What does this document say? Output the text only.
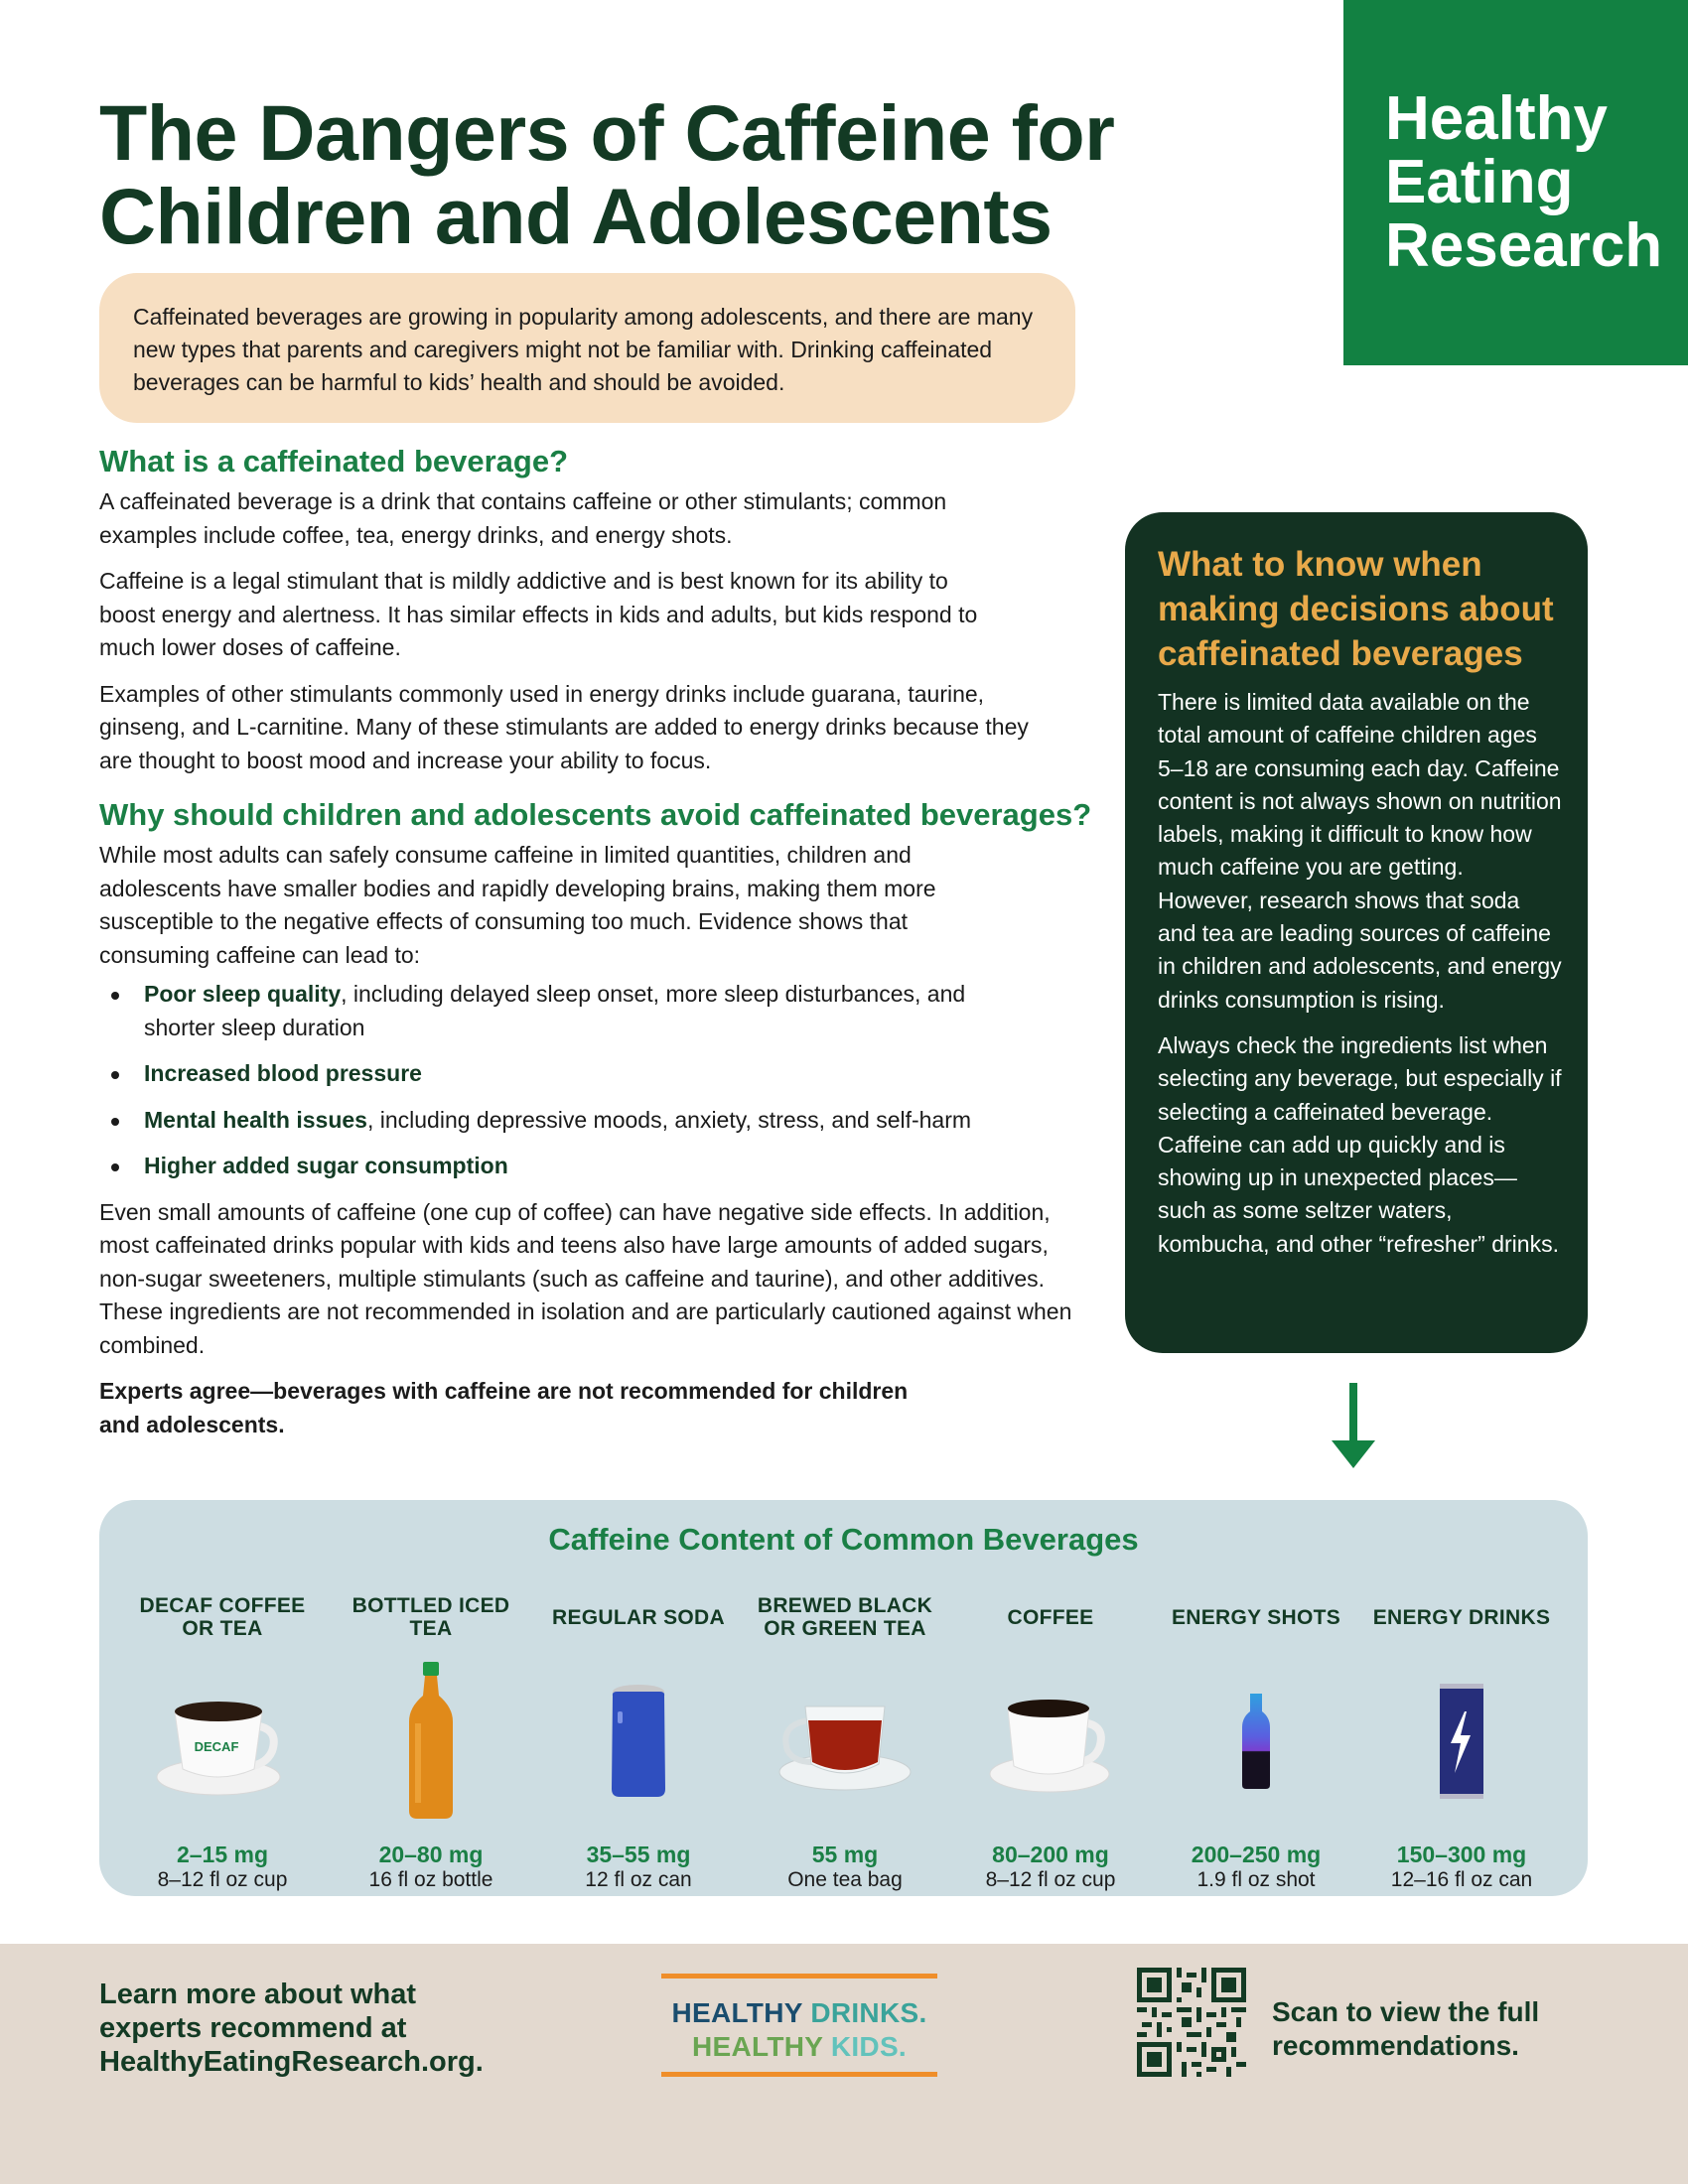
The Dangers of Caffeine for
Children and Adolescents
Healthy
Eating
Research
Caffeinated beverages are growing in popularity among adolescents, and there are many new types that parents and caregivers might not be familiar with. Drinking caffeinated beverages can be harmful to kids’ health and should be avoided.
What is a caffeinated beverage?

A caffeinated beverage is a drink that contains caffeine or other stimulants; common examples include coffee, tea, energy drinks, and energy shots.

Caffeine is a legal stimulant that is mildly addictive and is best known for its ability to boost energy and alertness. It has similar effects in kids and adults, but kids respond to much lower doses of caffeine.

Examples of other stimulants commonly used in energy drinks include guarana, taurine, ginseng, and L-carnitine. Many of these stimulants are added to energy drinks because they are thought to boost mood and increase your ability to focus.

Why should children and adolescents avoid caffeinated beverages?

While most adults can safely consume caffeine in limited quantities, children and adolescents have smaller bodies and rapidly developing brains, making them more susceptible to the negative effects of consuming too much. Evidence shows that consuming caffeine can lead to:

Poor sleep quality, including delayed sleep onset, more sleep disturbances, and shorter sleep duration
Increased blood pressure
Mental health issues, including depressive moods, anxiety, stress, and self-harm
Higher added sugar consumption

Even small amounts of caffeine (one cup of coffee) can have negative side effects. In addition, most caffeinated drinks popular with kids and teens also have large amounts of added sugars, non-sugar sweeteners, multiple stimulants (such as caffeine and taurine), and other additives. These ingredients are not recommended in isolation and are particularly cautioned against when combined.

Experts agree—beverages with caffeine are not recommended for children and adolescents.

What to know when making decisions about caffeinated beverages

There is limited data available on the total amount of caffeine children ages 5–18 are consuming each day. Caffeine content is not always shown on nutrition labels, making it difficult to know how much caffeine you are getting. However, research shows that soda and tea are leading sources of caffeine in children and adolescents, and energy drinks consumption is rising.

Always check the ingredients list when selecting any beverage, but especially if selecting a caffeinated beverage. Caffeine can add up quickly and is showing up in unexpected places—such as some seltzer waters, kombucha, and other “refresher” drinks.

Caffeine Content of Common Beverages
DECAF COFFEE OR TEA
DECAF
2–15 mg
8–12 fl oz cup
BOTTLED ICED TEA
20–80 mg
16 fl oz bottle
REGULAR SODA
35–55 mg
12 fl oz can
BREWED BLACK OR GREEN TEA
55 mg
One tea bag
COFFEE
80–200 mg
8–12 fl oz cup
ENERGY SHOTS
200–250 mg
1.9 fl oz shot
ENERGY DRINKS
150–300 mg
12–16 fl oz can
Learn more about what experts recommend at HealthyEatingResearch.org.
HEALTHY DRINKS.
HEALTHY KIDS.
Scan to view the full recommendations.
